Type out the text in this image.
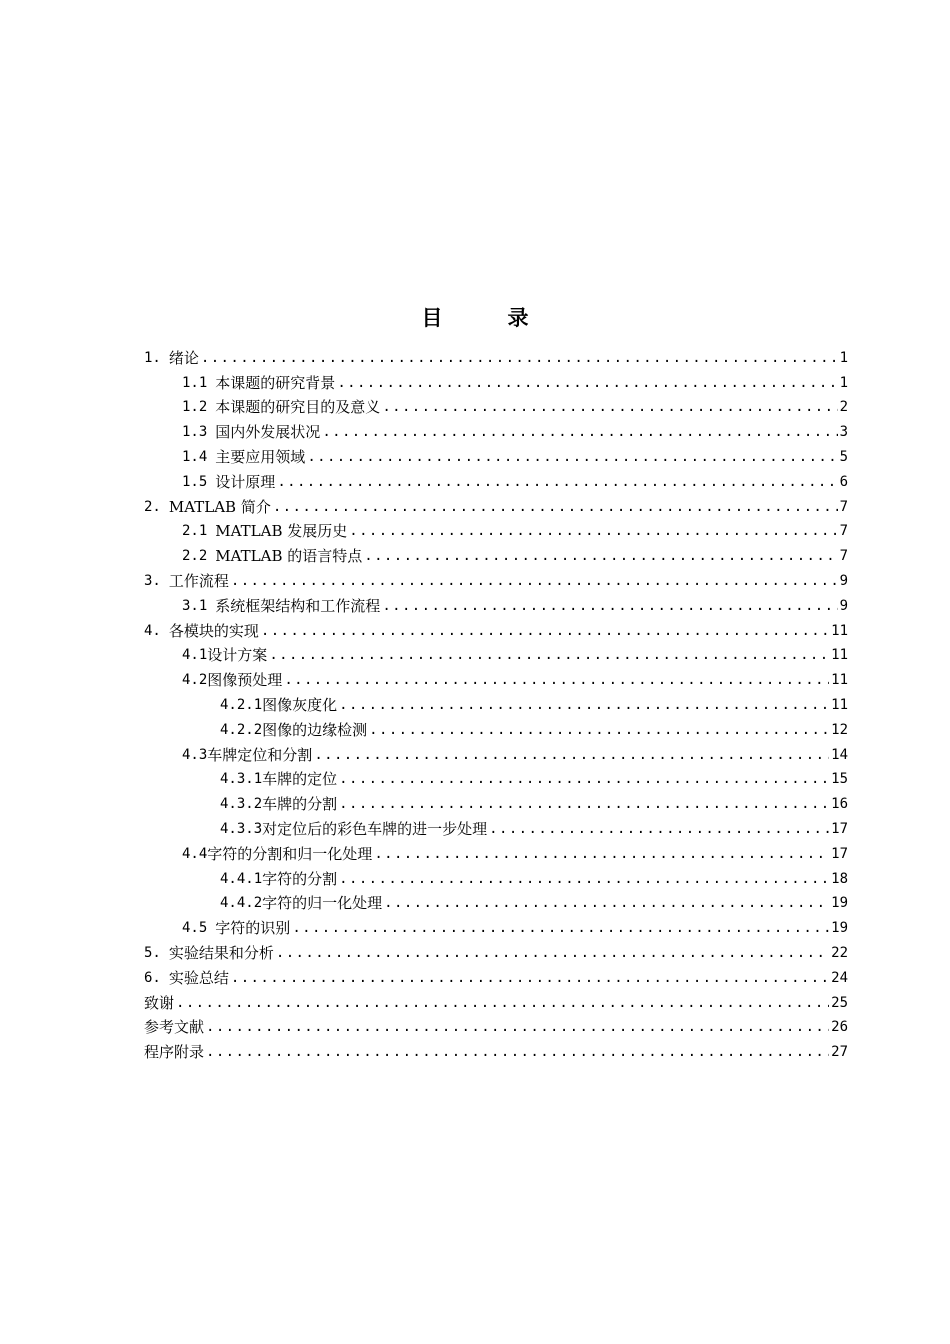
目　录
1. 绪论 .....	1
1.1 本课题的研究背景 .....	1
1.2 本课题的研究目的及意义 .....	2
1.3 国内外发展状况 .....	3
1.4 主要应用领域 .....	5
1.5 设计原理 .....	6
2. MATLAB 简介 .....	7
2.1 MATLAB 发展历史 .....	7
2.2 MATLAB 的语言特点 .....	7
3. 工作流程 .....	9
3.1 系统框架结构和工作流程 .....	9
4. 各模块的实现 .....	11
4.1 设计方案 .....	11
4.2 图像预处理 .....	11
4.2.1 图像灰度化 .....	11
4.2.2 图像的边缘检测 .....	12
4.3 车牌定位和分割 .....	14
4.3.1 车牌的定位 .....	15
4.3.2 车牌的分割 .....	16
4.3.3 对定位后的彩色车牌的进一步处理 .....	17
4.4 字符的分割和归一化处理 .....	17
4.4.1 字符的分割 .....	18
4.4.2 字符的归一化处理 .....	19
4.5 字符的识别 .....	19
5. 实验结果和分析 .....	22
6. 实验总结 .....	24
致谢 .....	25
参考文献 .....	26
程序附录 .....	27
